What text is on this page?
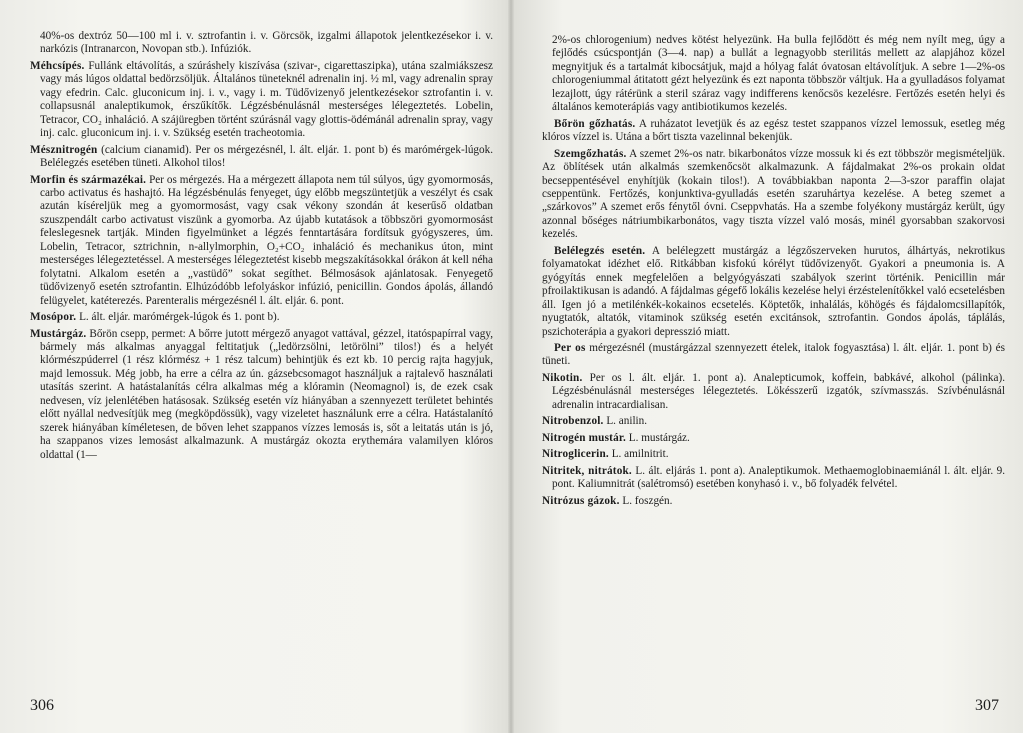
40%-os dextróz 50—100 ml i. v. sztrofantin i. v. Görcsök, izgalmi állapotok jelentkezésekor i. v. narkózis (Intranarcon, Novopan stb.). Infúziók.

Méhcsípés. Fullánk eltávolítás, a szúráshely kiszívása (szivar-, cigarettaszipka), utána szalmiákszesz vagy más lúgos oldattal bedörzsöljük. Általános tüneteknél adrenalin inj. ½ ml, vagy adrenalin spray vagy efedrin. Calc. gluconicum inj. i. v., vagy i. m. Tüdővizenyő jelentkezésekor sztrofantin i. v. collapsusnál analeptikumok, érszűkítők. Légzésbénulásnál mesterséges lélegeztetés. Lobelin, Tetracor, CO₂ inhaláció. A szájüregben történt szúrásnál vagy glottis-ödémánál adrenalin spray, vagy inj. calc. gluconicum inj. i. v. Szükség esetén tracheotomia.

Mésznitrogén (calcium cianamid). Per os mérgezésnél, l. ált. eljár. 1. pont b) és marómérgek-lúgok. Belélegzés esetében tüneti. Alkohol tilos!

Morfin és származékai. Per os mérgezés. Ha a mérgezett állapota nem túl súlyos, úgy gyomormosás, carbo activatus és hashajtó. Ha légzésbénulás fenyeget, úgy előbb megszüntetjük a veszélyt és csak azután kíséreljük meg a gyomormosást, vagy csak vékony szondán át keserűső oldatban szuszpendált carbo activatust viszünk a gyomorba. Az újabb kutatások a többszöri gyomormosást feleslegesnek tartják. Minden figyelmünket a légzés fenntartására fordítsuk gyógyszeres, úm. Lobelin, Tetracor, sztrichnin, n-allylmorphin, O₂+CO₂ inhaláció és mechanikus úton, mint mesterséges lélegeztetéssel. A mesterséges lélegeztetést kisebb megszakításokkal órákon át kell néha folytatni. Alkalom esetén a „vastüdő” sokat segíthet. Bélmosások ajánlatosak. Fenyegető tüdővizenyő esetén sztrofantin. Elhúzódóbb lefolyáskor infúzió, penicillin. Gondos ápolás, állandó felügyelet, katéterezés. Parenteralis mérgezésnél l. ált. eljár. 6. pont.

Mosópor. L. ált. eljár. marómérgek-lúgok és 1. pont b).

Mustárgáz. Bőrön csepp, permet: A bőrre jutott mérgező anyagot vattával, gézzel, itatóspapírral vagy, bármely más alkalmas anyaggal feltitatjuk („ledörzsölni, letörölni” tilos!) és a helyét klórmészpúderrel (1 rész klórmész + 1 rész talcum) behintjük és ezt kb. 10 percig rajta hagyjuk, majd lemossuk. Még jobb, ha erre a célra az ún. gázsebcsomagot használjuk a rajtalevő használati utasítás szerint. A hatástalanítás célra alkalmas még a klóramin (Neomagnol) is, de ezek csak nedvesen, víz jelenlétében hatásosak. Szükség esetén víz hiányában a szennyezett területet behintés előtt nyállal nedvesítjük meg (megköpdössük), vagy vizeletet használunk erre a célra. Hatástalanító szerek hiányában kíméletesen, de bőven lehet szappanos vízzes lemosás is, sőt a leitatás után is jó, ha szappanos vizes lemosást alkalmazunk. A mustárgáz okozta erythemára valamilyen klóros oldattal (1—

306

2%-os chlorogenium) nedves kötést helyezünk. Ha bulla fejlődött és még nem nyílt meg, úgy a fejlődés csúcspontján (3—4. nap) a bullát a legnagyobb sterilitás mellett az alapjához közel megnyitjuk és a tartalmát kibocsátjuk, majd a hólyag falát óvatosan eltávolítjuk. A sebre 1—2%-os chlorogeniummal átitatott gézt helyezünk és ezt naponta többször váltjuk. Ha a gyulladásos folyamat lezajlott, úgy rátérünk a steril száraz vagy indifferens kenőcsös kezelésre. Fertőzés esetén helyi és általános kemoterápiás vagy antibiotikumos kezelés.

Bőrön gőzhatás. A ruházatot levetjük és az egész testet szappanos vízzel lemossuk, esetleg még klóros vízzel is. Utána a bőrt tiszta vazelinnal bekenjük.

Szemgőzhatás. A szemet 2%-os natr. bikarbonátos vízze mossuk ki és ezt többször megismételjük. Az öblítések után alkalmás szemkenőcsöt alkalmazunk. A fájdalmakat 2%-os prokain oldat becseppentésével enyhítjük (kokain tilos!). A továbbiakban naponta 2—3-szor paraffin olajat cseppentünk. Fertőzés, konjunktiva-gyulladás esetén szaruhártya kezelése. A beteg szemet a „szárkovos” A szemet erős fénytől óvni. Cseppvhatás. Ha a szembe folyékony mustárgáz került, úgy azonnal bőséges nátriumbikarbonátos, vagy tiszta vízzel való mosás, minél gyorsabban szakorvosi kezelés.

Belélegzés esetén. A belélegzett mustárgáz a légzőszerveken hurutos, álhártyás, nekrotikus folyamatokat idézhet elő. Ritkábban kisfokú kórélyt tüdővizenyőt. Gyakori a pneumonia is. A gyógyítás ennek megfelelően a belgyógyászati szabályok szerint történik. Penicillin már pfroilaktikusan is adandó. A fájdalmas gégefő lokális kezelése helyi érzéstelenítőkkel való ecsetelésben áll. Igen jó a metilénkék-kokainos ecsetelés. Köptetők, inhalálás, köhögés és fájdalomcsillapítók, nyugtatók, altatók, vitaminok szükség esetén excitánsok, sztrofantin. Gondos ápolás, táplálás, pszichoterápia a gyakori depresszió miatt.

Per os mérgezésnél (mustárgázzal szennyezett ételek, italok fogyasztása) l. ált. eljár. 1. pont b) és tüneti.

Nikotin. Per os l. ált. eljár. 1. pont a). Analepticumok, koffein, babkávé, alkohol (pálinka). Légzésbénulásnál mesterséges lélegeztetés. Lökésszerű izgatók, szívmasszás. Szívbénulásnál adrenalin intracardialisan.

Nitrobenzol. L. anilin.

Nitrogén mustár. L. mustárgáz.

Nitroglicerin. L. amilnitrit.

Nitritek, nitrátok. L. ált. eljárás 1. pont a). Analeptikumok. Methaemoglobinaemiánál l. ált. eljár. 9. pont. Kaliumnitrát (salétromsó) esetében konyhasó i. v., bő folyadék felvétel.

Nitrózus gázok. L. foszgén.

307
